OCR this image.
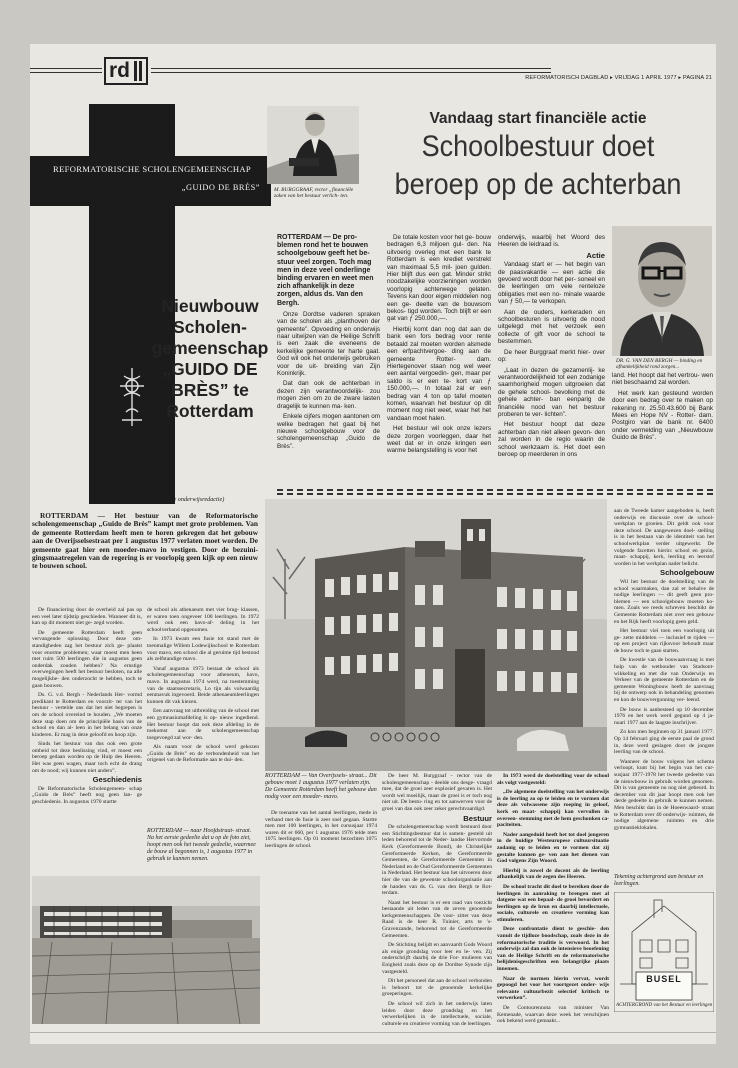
rd	REFORMATORISCH DAGBLAD ▸ VRIJDAG 1 APRIL 1977 ▸ PAGINA 21
REFORMATORISCHE SCHOLENGEMEENSCHAP
„GUIDO DE BRÈS”
Nieuwbouw
Scholen-
gemeenschap
„GUIDO DE
BRÈS” te
Rotterdam
(Van onze onderwijsredactie)
M. BURGGRAAF, rector „financiële zaken van het bestuur verlich- ten.
Vandaag start financiële actie
Schoolbestuur doet
beroep op de achterban

ROTTERDAM — De pro- blemen rond het te bouwen schoolgebouw geeft het be- stuur veel zorgen. Toch mag men in deze veel onderlinge binding ervaren en weet men zich afhankelijk in deze zorgen, aldus ds. Van den Bergh.

Onze Dordtse vaderen spraken van de scholen als „planthoven der gemeente”. Opvoeding en onderwijs naar uitwijzen van de Heilige Schrift is een zaak die eveneens de kerkelijke gemeente ter harte gaat. God wil ook het onderwijs gebruiken voor de uit- breiding van Zijn Koninkrijk.

Dat dan ook de achterban in dezen zijn verantwoordelijk- zou mogen zien om zo de zware lasten dragelijk te kunnen ma- ken.

Enkele cijfers mogen aantonen om welke bedragen het gaat bij het nieuwe schoolgebouw voor de scholengemeenschap „Guido de Brès”.

De totale kosten voor het ge- bouw bedragen 6,3 miljoen gul- den. Na uitvoerig overleg met een bank te Rotterdam is een krediet verstrekt van maximaal 5,5 mil- joen gulden. Hier blijft dus een gat. Minder strikt noodzakelijke voorzieningen worden voorlopig achterwege gelaten. Tevens kan door eigen middelen nog een ge- deelte van de bouwsom bekos- tigd worden. Toch blijft er een gat van ƒ 250.000,—.

Hierbij komt dan nog dat aan de bank een fors bedrag voor rente betaald zal moeten worden alsmede een erfpachtvergoe- ding aan de gemeente Rotter- dam. Hiertegenover staan nog wel weer een aantal vergoedin- gen, maar per saldo is er een te- kort van ƒ 150.000,—. In totaal zal er een bedrag van 4 ton op tafel moeten komen, waarvan het bestuur op dit moment nog niet weet, waar het het vandaan moet halen.

Het bestuur wil ook onze lezers deze zorgen voorleggen, daar het weet dat er in onze kringen een warme belangstelling is voor het

onderwijs, waarbij het Woord des Heeren de leidraad is.

Actie

Vandaag start er — het begin van de paasvakantie — een actie die gevoerd wordt door het per- soneel en de leerlingen om vele renteloze obligaties met een no- minale waarde van ƒ 50,— te verkopen.

Aan de ouders, kerkeraden en schoolbesturen is uitvoerig de nood uitgelegd met het verzoek een collecte of gift voor de school te bestemmen.

De heer Burggraaf merkt hier- over op:

„Laat in dezen de gezamenlij- ke verantwoordelijkheid tot een zodanige saamhorigheid mogen uitgroeien dat de gehele school- bevolking met de gehele achter- ban eenparig de financiële nood van het bestuur proberen te ver- lichten”.

Het bestuur hoopt dat deze achterban dan niet alleen gevon- den zal worden in de regio waarin de school werkzaam is. Het doet een beroep op meerderen in ons

DR. G. VAN DEN BERGH — binding en afhankelijkheid rond zorgen...

land. Het hoopt dat het vertrou- wen niet beschaamd zal worden.

Het werk kan gesteund worden door een bedrag over te maken op rekening nr. 25.50.43.600 bij Bank Mees en Hope NV - Rotter- dam. Postgiro van de bank nr. 6400 onder vermelding van „Nieuwbouw Guido de Brès”.

ROTTERDAM — Het bestuur van de Reformatorische scholengemeenschap „Guido de Brès” kampt met grote problemen. Van de gemeente Rotterdam heeft men te horen gekregen dat het gebouw aan de Overijsselsestraat per 1 augustus 1977 verlaten moet worden. De gemeente gaat hier een moeder-mavo in vestigen. Door de bezuini- gingsmaatregelen van de regering is er voorlopig geen kijk op een nieuw te bouwen school.

De financiering door de overheid zal pas op een veel later tijdstip geschieden. Wanneer dit is, kan op dit moment niet ge- zegd worden.

De gemeente Rotterdam heeft geen vervangende oplossing. Door deze om- standigheden zag het bestuur zich ge- plaatst voor enorme problemen; waar moest men heen met ruim 500 leerlingen die in augustus geen onderdak zouden hebben? Na ernstige overwegingen heeft het bestuur besloten, na alle mogelijkhe- den onderzocht te hebben, toch te gaan bouwen.

Ds. G. v.d. Bergh - Nederlands Her- vormd predikant te Rotterdam en voorzit- ter van het bestuur - vertelde ons dat het niet begrepen is om de school overeind te houden. „We moeten deze stap doen om de principiële basis van de school en dan al- leen in het belang van onze kinderen. Er mag in deze geloofd en hoop zijn.

Sinds het bestuur van dus ook een grote omheid tot deze beslissing vind, er moest een beroep gedaan worden op de Hulp des Heeren. Het was geen wagen, maar toch echt de drang om de nood; wij kunnen niet anders”.

Geschiedenis

De Reformatorische Scholengemeen- schap „Guido de Brès” heeft nog geen lan- ge geschiedenis. In augustus 1970 startte

de school als athenaeum met vier brug- klassen, er waren toen ongeveer 100 leerlingen. In 1972 werd ook een havo-af- deling in het schoolverband opgenomen.

In 1973 kwam een fusie tot stand met de toenmalige Willem Lodewijkschool te Rotterdam voor mavo, een school die al geruime tijd bestond als zelfstandige mavo.

Vanaf augustus 1973 bestaat de school als scholengemeenschap voor atheneum, havo, mavo. In augustus 1974 werd, na toestemming van de staatssecretaris, Lo tijn als volwaardig eenmavuk ingevoerd. Beide athenaeumleerlingen kunnen dit vak kiezen.

Een aanvraag tot uitbreiding van de school met een gymnasiumafdeling is op- nieuw ingediend. Het bestuur hoopt dat ook deze afdeling in de toekomst aan de scholengemeenschap toegevoegd zal wor- den.

Als naam voor de school werd gekozen „Guido de Brès” en de verbondenheid van het origenel van de Reformatie aan te dui- den.

ROTTERDAM — naar Hoofdstraat- straat. Na het eerste gedeelte dat u op de foto ziet, hoopt men ook het tweede gedeelte, waarmee de bouw al begonnen is, 1 augustus 1977 in gebruik te kunnen nemen.
ROTTERDAM — Van Overijssels- straat... Dit gebouw moet 1 augustus 1977 verlaten zijn. De Gemeente Rotterdam heeft het gebouw dan nodig voor een moeder- mavo.

De toename van het aantal leerlingen, mede in verband met de fusie is zeer snel gegaan. Startte men met 100 leerlingen, in het cursusjaar 1974 waren dit er 660, per 1 augustus 1976 telde men 1075 leerlingen. Op 01 moment bezochten 1075 leerlingen de school.

De heer M. Burggraaf - rector van de scholengemeenschap - deelde ons desge- vraagd mee, dat de groei zeer explosief gevaren is. Het wordt wel moeilijk, maar de groei is er toch nog niet uit. De bestu- ring en tot aanwerven voor de groei van dan ook zeer zeker gerechtvaardigd.

Bestuur

De scholengemeenschap wordt bestuurd door een Stichtingsbestuur dat is samen- gesteld uit leden behorend tot de Neder- landse Hervormde Kerk (Gereformeerde Bond), de Christelijke Gereformeerde Kerken, de Gereformeerde Gemeenten, de Gereformeerde Gemeenten in Nederland en de Oud Gereformeerde Gemeenten in Nederland. Het bestuur kan het uitvoeren door hier die van de gewenste schoolorganisatie aan de handen van ds. G. van den Bergh te Rot- terdam.

Naast het bestuur is er een raad van toezicht bestaande uit leden van de zeven genoemde kerkgemeenschappen. De voor- zitter van deze Raad is de heer R. Tuinier, arts te 's-Gravenzande, behorend tot de Gereformeerde Gemeenten.

De Stichting belijdt en aanvaardt Gods Woord als enige grondslag voor leer en le- ven. Zij onderschrijft daarbij de drie For- mulieren van Enigheid zoals deze op de Dordtse Synode zijn vastgesteld.

Dit het personeel dat aan de school verbonden is behoort tot de genoemde kerkelijke groeperingen.

De school wil zich in het onderwijs laten leiden door deze grondslag en het verwerkelijken in de intellectuele, sociale, culturele en creatieve vorming van de leerlingen.

In 1973 werd de doelstelling voor de school als volgt vastgesteld:

„De algemene doelstelling van het onderwijs is de leerling zo op te leiden en te vormen dat deze als volwassene zijn roeping in geloof, kerk en maat- schappij kan vervullen in overeen- stemming met de hem geschonken ca- paciteiten.

Nader aangeduid heeft het tot doel jongeren in de huidige Westeuropese cultuursituatie zodanig op te leiden en te vormen dat zij gestalte kunnen ge- ven aan het dienen van God volgens Zijn Woord.

Hierbij is zowel de docent als de leerling afhankelijk van de zegen des Heeren.

De school tracht dit doel te bereiken door de leerlingen in aanraking te brengen met al datgene wat een bepaal- de groei bevordert en leerlingen op de bron en daarbij intellectuele, sociale, culturele en creatieve vorming kan stimuleren.

Deze confrontatie dient te geschie- den vanuit de tijdloze boodschap, zoals deze in de reformatorische traditie is verwoord. In het onderwijs zal dan ook de intensieve beoefening van de Heilige Schrift en de reformatorische belijdenisgeschriften een belangrijke plaats innemen.

Naar de normen hierin vervat, wordt gepoogd het voor het voortgezet onder- wijs relevante cultuurbezit selectief kritisch te verwerken”.

De Contourennota van minister Van Kemenade, waarvan deze week het verschijnen ook bekend werd gemaakt...

aan de Tweede kamer aangeboden is, heeft onderwijs en discussie over de school- werkplan te groeien. Dit geldt ook voor deze school. De aangewezen doel- stelling is in het bestaan van de identiteit van het schoolwerkplan verder uitgewerkt. De volgende facetten hierin: school en gezin, maat- schappij, kerk, leerling en leerstof worden in het werkplan nader belicht.

Schoolgebouw

Wil het bestuur de doelstelling van de school waarmaken, dan zal er behalve de nodige leerlingen — dit geeft geen pro- blemen — een schoolgebouw moeten ko- men. Zoals we reeds schreven beschikt de Gemeente Rotterdam niet over een gebouw en het Rijk heeft voorlopig geen geld.

Het bestuur viel toen een voorlopig uit ge- zette middelen — inclusief te rijden — op een project van rijksvoor behoudt maar de bouw toch te gaan starten.

De kwestie van de bouwaanvraag is met hulp van de wethouder van Stadsont- wikkeling en met die van Onderwijs en Verkeer van de gemeente Rotterdam en de gemeente Woningbouw heeft de aanvraag bij de ontwerp ook in behandeling genomen en kon de bouwvergunning ver- leend.

De bouw is aanbesteed op 10 december 1976 en het werk werd gegund op 4 ja- nuari 1977 aan de laagste inschrijver.

Zo kon men beginnen op 31 januari 1977. Op 14 februari ging de eerste paal de grond in, deze werd geslagen door de jongste leerling van de school.

Wanneer de bouw volgens het schema verloopt, kunt bij het begin van het cur- susjaar 1977-1978 het tweede gedeelte van de nieuwbouw in gebruik worden genomen. Dit is van gemeente nu nog niet gebeurd. In december van dit jaar hoopt men ook het derde gedeelte in gebruik te kunnen nemen. Men beschikt dan in de Hoeeswaard- straat te Rotterdam over 40 onderwijs- ruimten, de nodige algemene ruimten en drie gymnastieklokalen.

Tekening achtergrond aan bestuur en leerlingen.
BUSEL
ACHTERGROND van het Bestuur en leerlingen
